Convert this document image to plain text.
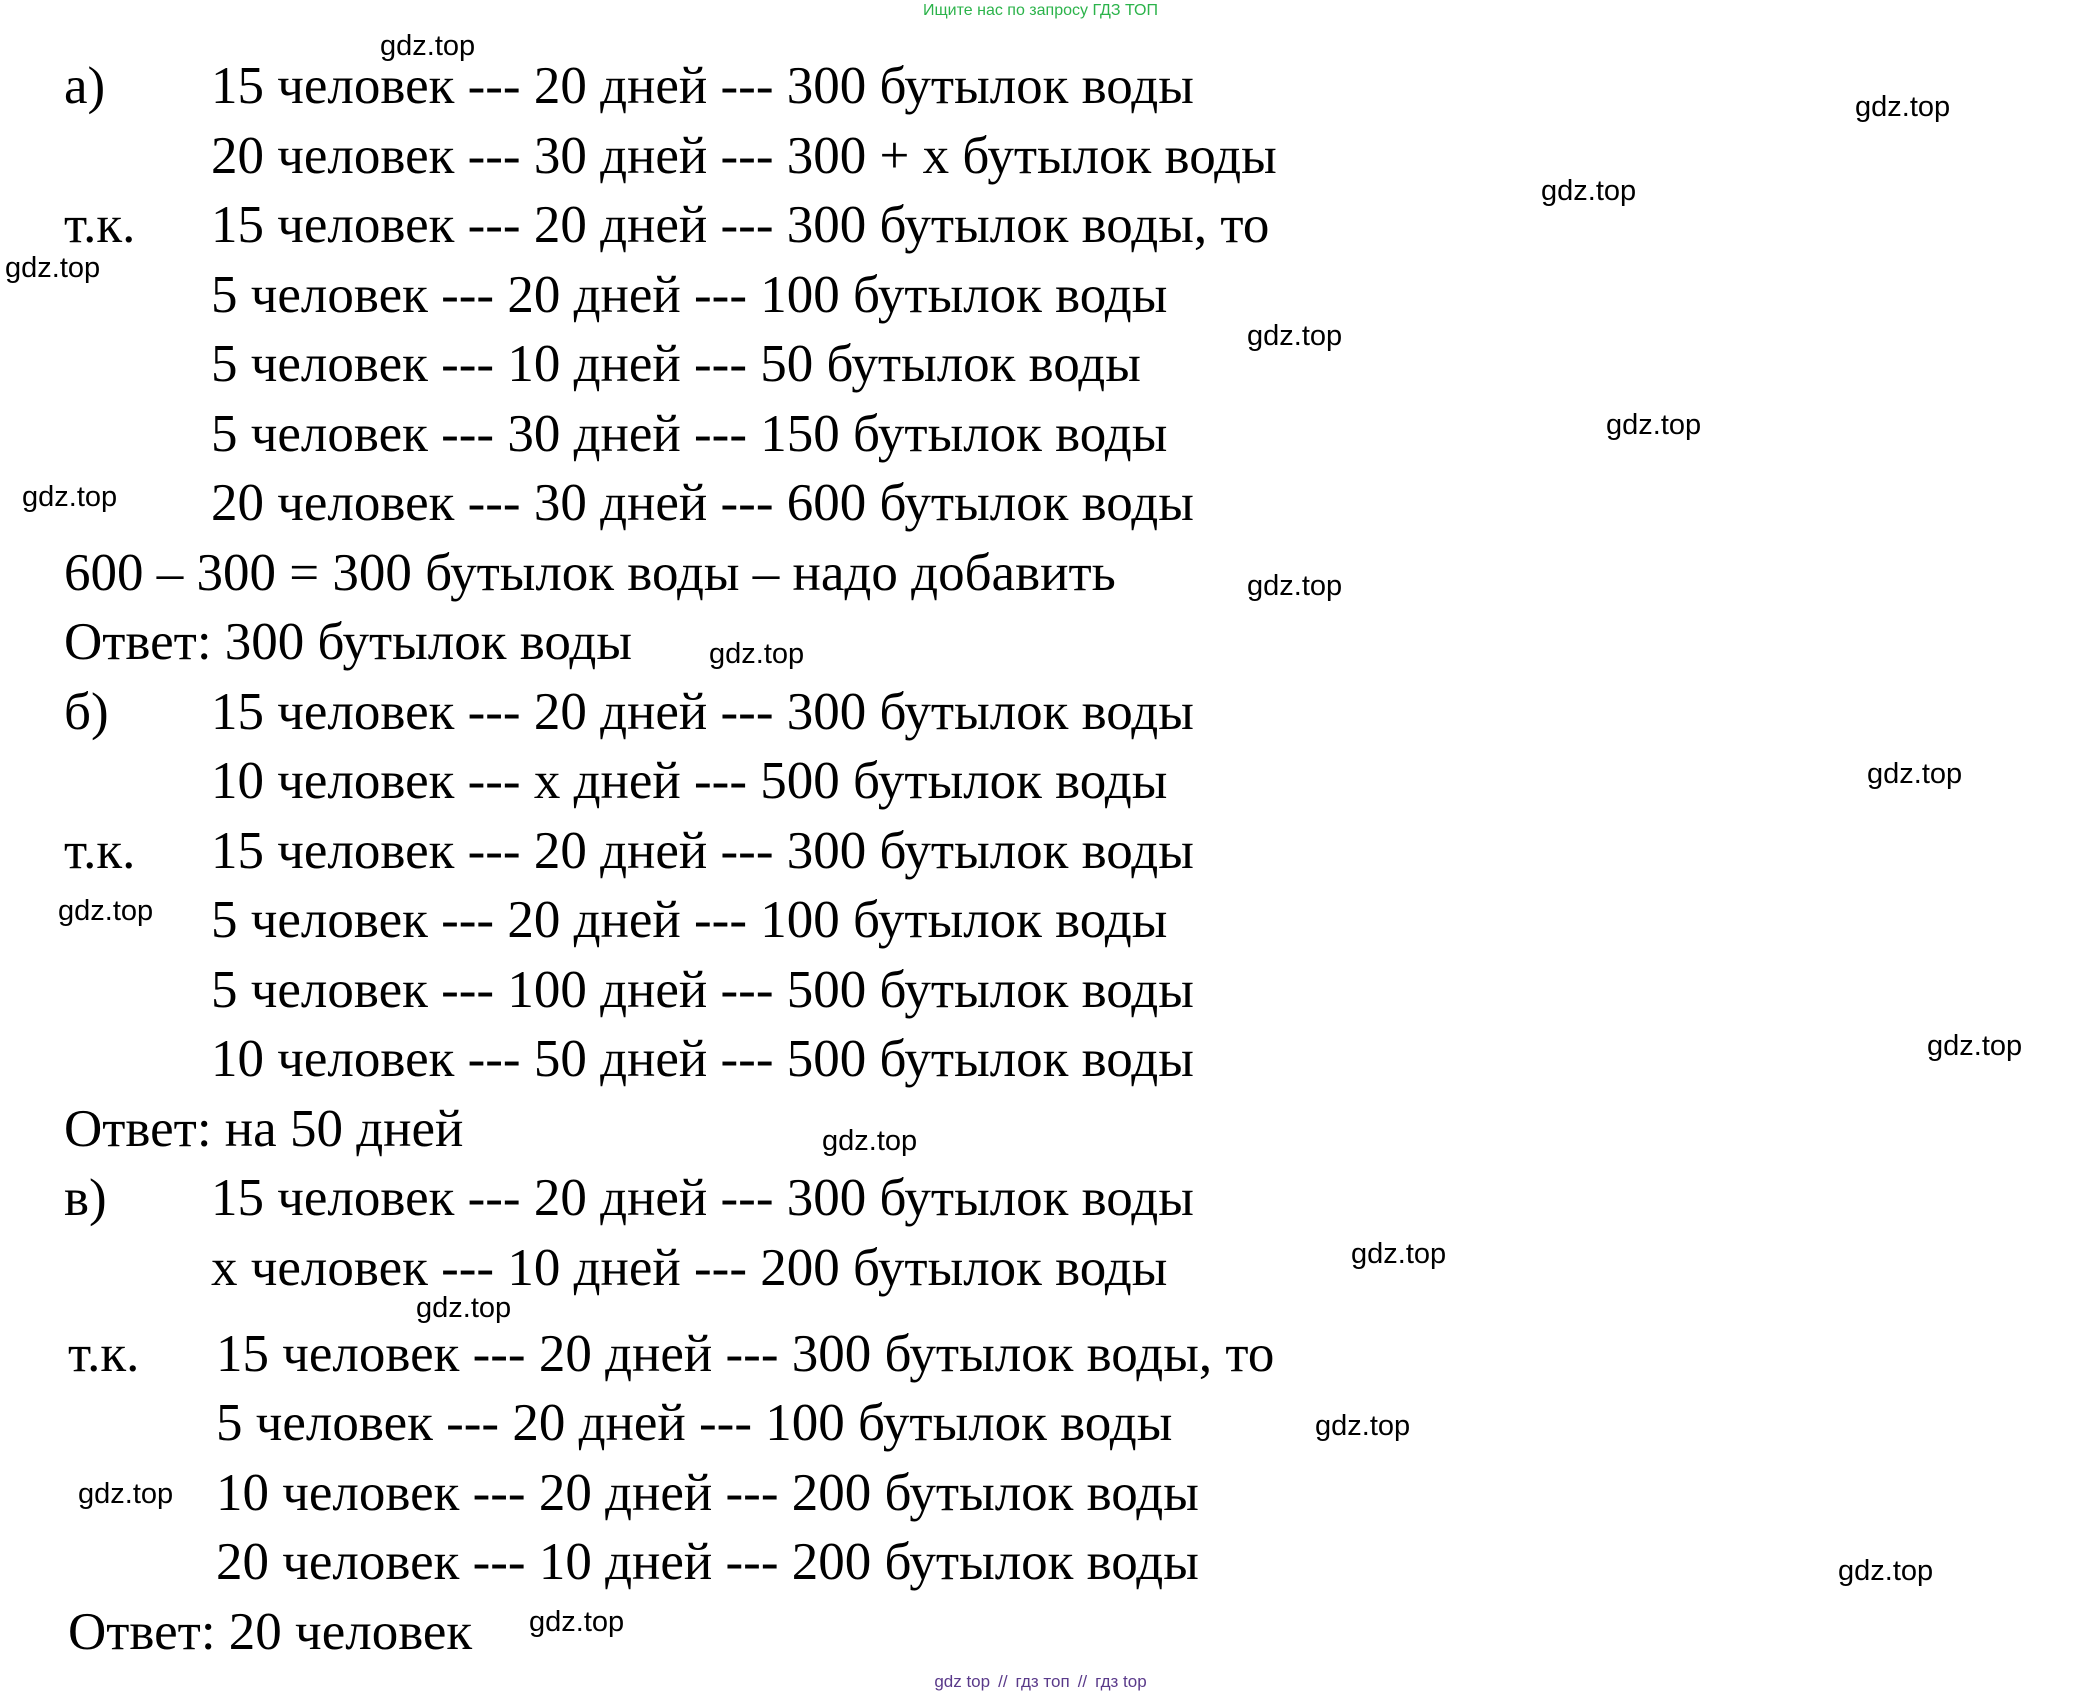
Ищите нас по запросу ГДЗ ТОП
а) 15 человек --- 20 дней --- 300 бутылок воды
20 человек --- 30 дней --- 300 + x бутылок воды
т.к. 15 человек --- 20 дней --- 300 бутылок воды, то
5 человек --- 20 дней --- 100 бутылок воды
5 человек --- 10 дней --- 50 бутылок воды
5 человек --- 30 дней --- 150 бутылок воды
20 человек --- 30 дней --- 600 бутылок воды
600 – 300 = 300 бутылок воды – надо добавить
Ответ: 300 бутылок воды
б) 15 человек --- 20 дней --- 300 бутылок воды
10 человек --- x дней --- 500 бутылок воды
т.к. 15 человек --- 20 дней --- 300 бутылок воды
5 человек --- 20 дней --- 100 бутылок воды
5 человек --- 100 дней --- 500 бутылок воды
10 человек --- 50 дней --- 500 бутылок воды
Ответ: на 50 дней
в) 15 человек --- 20 дней --- 300 бутылок воды
x человек --- 10 дней --- 200 бутылок воды
т.к. 15 человек --- 20 дней --- 300 бутылок воды, то
5 человек --- 20 дней --- 100 бутылок воды
10 человек --- 20 дней --- 200 бутылок воды
20 человек --- 10 дней --- 200 бутылок воды
Ответ: 20 человек
gdz.top
gdz.top
gdz.top
gdz.top
gdz.top
gdz.top
gdz.top
gdz.top
gdz.top
gdz.top
gdz.top
gdz.top
gdz.top
gdz.top
gdz.top
gdz.top
gdz.top
gdz.top
gdz.top
gdz top // гдз топ // гдз top
